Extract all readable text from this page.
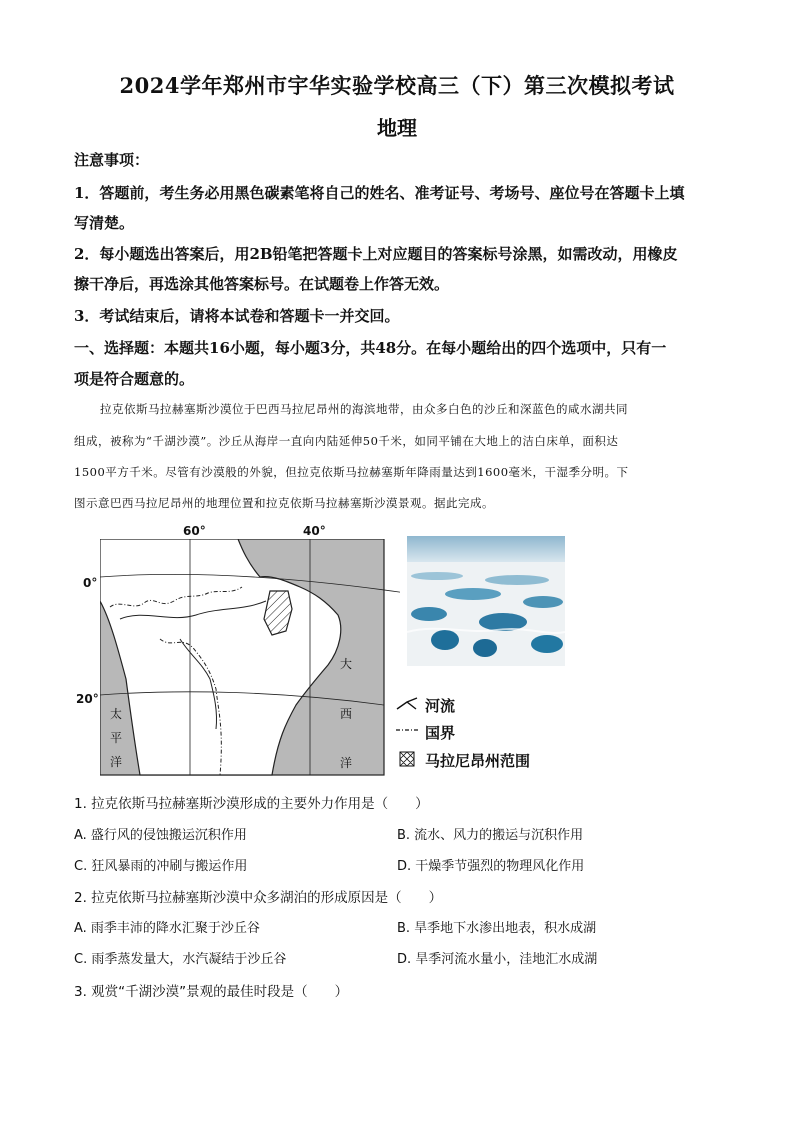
2024学年郑州市宇华实验学校高三（下）第三次模拟考试
地理
注意事项：
1．答题前，考生务必用黑色碳素笔将自己的姓名、准考证号、考场号、座位号在答题卡上填
写清楚。
2．每小题选出答案后，用2B铅笔把答题卡上对应题目的答案标号涂黑，如需改动，用橡皮
擦干净后，再选涂其他答案标号。在试题卷上作答无效。
3．考试结束后，请将本试卷和答题卡一并交回。
一、选择题：本题共16小题，每小题3分，共48分。在每小题给出的四个选项中，只有一
项是符合题意的。
拉克依斯马拉赫塞斯沙漠位于巴西马拉尼昂州的海滨地带，由众多白色的沙丘和深蓝色的咸水湖共同
组成，被称为“千湖沙漠”。沙丘从海岸一直向内陆延伸50千米，如同平铺在大地上的洁白床单，面积达
1500平方千米。尽管有沙漠般的外貌，但拉克依斯马拉赫塞斯年降雨量达到1600毫米，干湿季分明。下
图示意巴西马拉尼昂州的地理位置和拉克依斯马拉赫塞斯沙漠景观。据此完成。
60°	40°
0°
20°
太
平
洋
大
西
洋
河流
国界
马拉尼昂州范围
1. 拉克依斯马拉赫塞斯沙漠形成的主要外力作用是（　　）
A. 盛行风的侵蚀搬运沉积作用	B. 流水、风力的搬运与沉积作用
C. 狂风暴雨的冲刷与搬运作用	D. 干燥季节强烈的物理风化作用
2. 拉克依斯马拉赫塞斯沙漠中众多湖泊的形成原因是（　　）
A. 雨季丰沛的降水汇聚于沙丘谷	B. 旱季地下水渗出地表，积水成湖
C. 雨季蒸发量大，水汽凝结于沙丘谷	D. 旱季河流水量小，洼地汇水成湖
3. 观赏“千湖沙漠”景观的最佳时段是（　　）
